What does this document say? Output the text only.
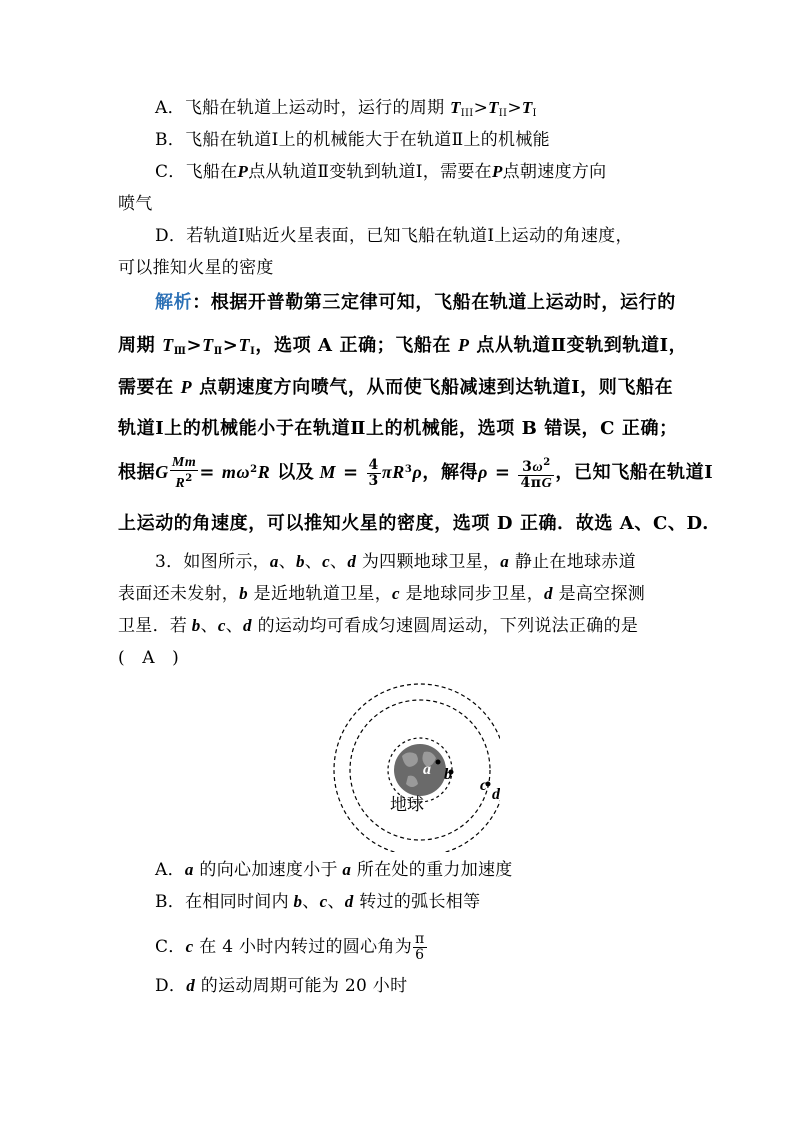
A．飞船在轨道上运动时，运行的周期 $T_{III}>T_{II}>T_I$
B．飞船在轨道Ⅰ上的机械能大于在轨道Ⅱ上的机械能
C．飞船在P点从轨道Ⅱ变轨到轨道Ⅰ，需要在P点朝速度方向
喷气
D．若轨道Ⅰ贴近火星表面，已知飞船在轨道Ⅰ上运动的角速度，
可以推知火星的密度
解析：根据开普勒第三定律可知，飞船在轨道上运动时，运行的
周期 $T_Ⅲ>T_Ⅱ>T_Ⅰ$，选项 A 正确；飞船在 P 点从轨道Ⅱ变轨到轨道Ⅰ，
需要在 P 点朝速度方向喷气，从而使飞船减速到达轨道Ⅰ，则飞船在
轨道Ⅰ上的机械能小于在轨道Ⅱ上的机械能，选项 B 错误，C 正确；
根据G $\frac{Mm}{R^2} = m\omega^2R$ 以及 $M = \frac{4}{3} \pi R^3\rho$，解得$\rho = \frac{3\omega^2}{4\pi G}$ ，已知飞船在轨道Ⅰ
上运动的角速度，可以推知火星的密度，选项 D 正确．故选 A、C、D.
3．如图所示，a、b、c、d 为四颗地球卫星，a 静止在地球赤道
表面还未发射，b 是近地轨道卫星，c 是地球同步卫星，d 是高空探测
卫星．若 b、c、d 的运动均可看成匀速圆周运动，下列说法正确的是
(　A　)
a b
c
d
地球
A．a 的向心加速度小于 a 所在处的重力加速度
B．在相同时间内 b、c、d 转过的弧长相等
C．c 在 4 小时内转过的圆心角为 $\frac{\pi}{6}$
D．d 的运动周期可能为 20 小时
